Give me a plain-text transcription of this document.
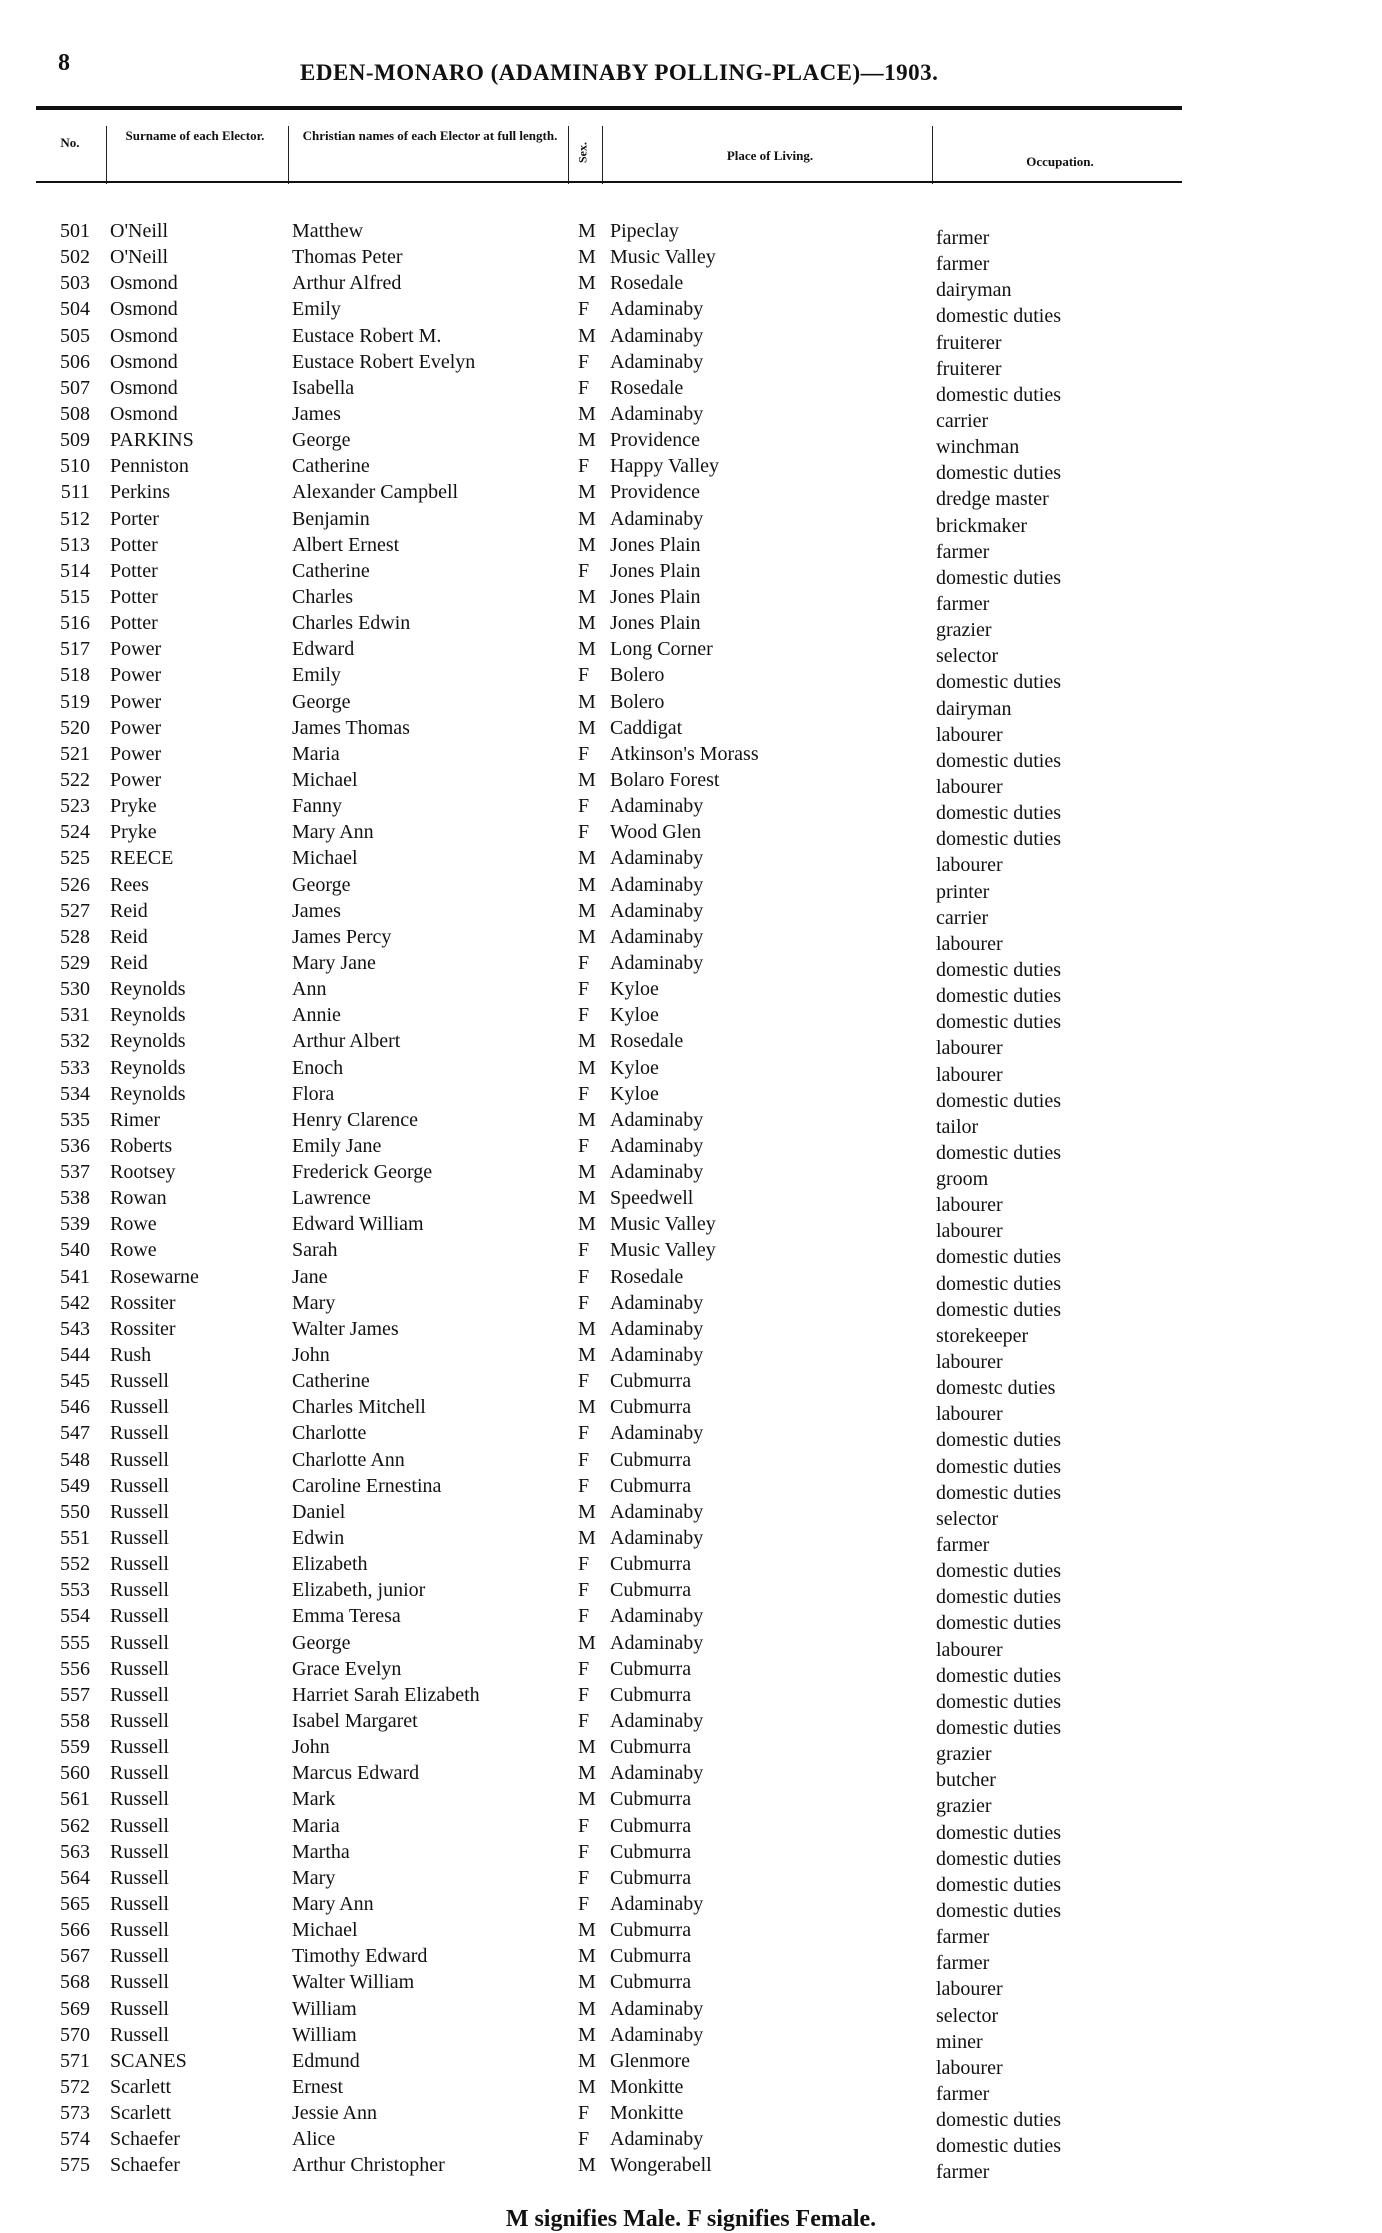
8	EDEN-MONARO (ADAMINABY POLLING-PLACE)—1903.
No.	Surname of each Elector.	Christian names of each Elector at full length.
Sex.	Place of Living.	Occupation.
501 O'Neill	Matthew	M Pipeclay	farmer
502 O'Neill	Thomas Peter	M Music Valley	farmer
503 Osmond	Arthur Alfred	M Rosedale	dairyman
504 Osmond	Emily	F Adaminaby	domestic duties
505 Osmond	Eustace Robert M.	M Adaminaby	fruiterer
506 Osmond	Eustace Robert Evelyn	F Adaminaby	fruiterer
507 Osmond	Isabella	F Rosedale	domestic duties
508 Osmond	James	M Adaminaby	carrier
509 PARKINS	George	M Providence	winchman
510 Penniston	Catherine	F Happy Valley	domestic duties
511 Perkins	Alexander Campbell	M Providence	dredge master
512 Porter	Benjamin	M Adaminaby	brickmaker
513 Potter	Albert Ernest	M Jones Plain	farmer
514 Potter	Catherine	F Jones Plain	domestic duties
515 Potter	Charles	M Jones Plain	farmer
516 Potter	Charles Edwin	M Jones Plain	grazier
517 Power	Edward	M Long Corner	selector
518 Power	Emily	F Bolero	domestic duties
519 Power	George	M Bolero	dairyman
520 Power	James Thomas	M Caddigat	labourer
521 Power	Maria	F Atkinson's Morass	domestic duties
522 Power	Michael	M Bolaro Forest	labourer
523 Pryke	Fanny	F Adaminaby	domestic duties
524 Pryke	Mary Ann	F Wood Glen	domestic duties
525 REECE	Michael	M Adaminaby	labourer
526 Rees	George	M Adaminaby	printer
527 Reid	James	M Adaminaby	carrier
528 Reid	James Percy	M Adaminaby	labourer
529 Reid	Mary Jane	F Adaminaby	domestic duties
530 Reynolds	Ann	F Kyloe	domestic duties
531 Reynolds	Annie	F Kyloe	domestic duties
532 Reynolds	Arthur Albert	M Rosedale	labourer
533 Reynolds	Enoch	M Kyloe	labourer
534 Reynolds	Flora	F Kyloe	domestic duties
535 Rimer	Henry Clarence	M Adaminaby	tailor
536 Roberts	Emily Jane	F Adaminaby	domestic duties
537 Rootsey	Frederick George	M Adaminaby	groom
538 Rowan	Lawrence	M Speedwell	labourer
539 Rowe	Edward William	M Music Valley	labourer
540 Rowe	Sarah	F Music Valley	domestic duties
541 Rosewarne	Jane	F Rosedale	domestic duties
542 Rossiter	Mary	F Adaminaby	domestic duties
543 Rossiter	Walter James	M Adaminaby	storekeeper
544 Rush	John	M Adaminaby	labourer
545 Russell	Catherine	F Cubmurra	domestc duties
546 Russell	Charles Mitchell	M Cubmurra	labourer
547 Russell	Charlotte	F Adaminaby	domestic duties
548 Russell	Charlotte Ann	F Cubmurra	domestic duties
549 Russell	Caroline Ernestina	F Cubmurra	domestic duties
550 Russell	Daniel	M Adaminaby	selector
551 Russell	Edwin	M Adaminaby	farmer
552 Russell	Elizabeth	F Cubmurra	domestic duties
553 Russell	Elizabeth, junior	F Cubmurra	domestic duties
554 Russell	Emma Teresa	F Adaminaby	domestic duties
555 Russell	George	M Adaminaby	labourer
556 Russell	Grace Evelyn	F Cubmurra	domestic duties
557 Russell	Harriet Sarah Elizabeth	F Cubmurra	domestic duties
558 Russell	Isabel Margaret	F Adaminaby	domestic duties
559 Russell	John	M Cubmurra	grazier
560 Russell	Marcus Edward	M Adaminaby	butcher
561 Russell	Mark	M Cubmurra	grazier
562 Russell	Maria	F Cubmurra	domestic duties
563 Russell	Martha	F Cubmurra	domestic duties
564 Russell	Mary	F Cubmurra	domestic duties
565 Russell	Mary Ann	F Adaminaby	domestic duties
566 Russell	Michael	M Cubmurra	farmer
567 Russell	Timothy Edward	M Cubmurra	farmer
568 Russell	Walter William	M Cubmurra	labourer
569 Russell	William	M Adaminaby	selector
570 Russell	William	M Adaminaby	miner
571 SCANES	Edmund	M Glenmore	labourer
572 Scarlett	Ernest	M Monkitte	farmer
573 Scarlett	Jessie Ann	F Monkitte	domestic duties
574 Schaefer	Alice	F Adaminaby	domestic duties
575 Schaefer	Arthur Christopher	M Wongerabell	farmer
M signifies Male. F signifies Female.
